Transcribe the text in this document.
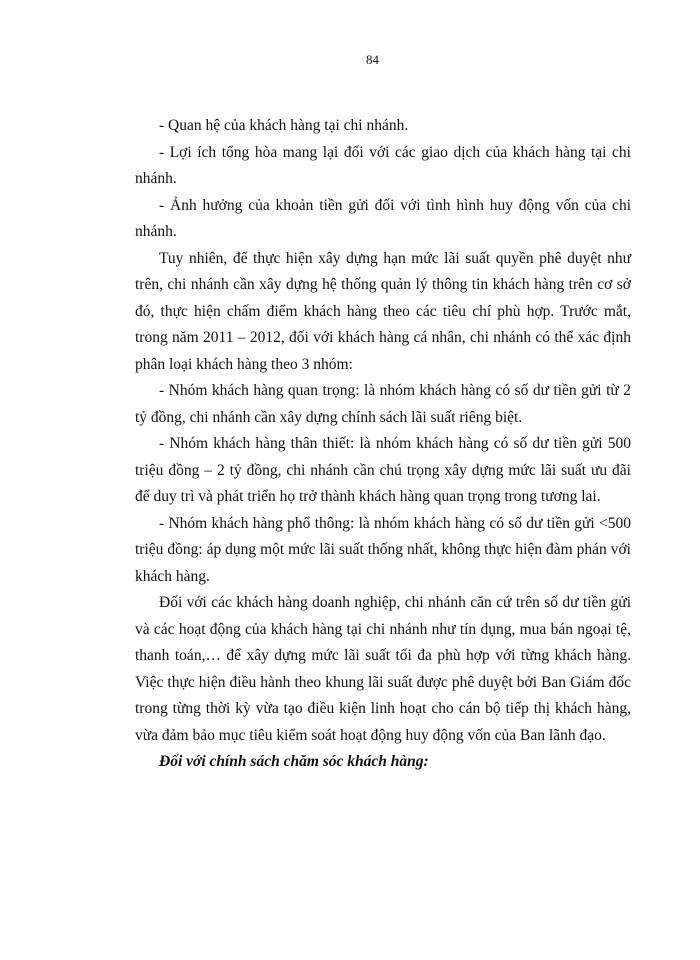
84

- Quan hệ của khách hàng tại chi nhánh.

- Lợi ích tổng hòa mang lại đối với các giao dịch của khách hàng tại chi nhánh.

- Ảnh hưởng của khoản tiền gửi đối với tình hình huy động vốn của chi nhánh.

Tuy nhiên, để thực hiện xây dựng hạn mức lãi suất quyền phê duyệt như trên, chi nhánh cần xây dựng hệ thống quản lý thông tin khách hàng trên cơ sở đó, thực hiện chấm điểm khách hàng theo các tiêu chí phù hợp. Trước mắt, trong năm 2011 – 2012, đối với khách hàng cá nhân, chi nhánh có thể xác định phân loại khách hàng theo 3 nhóm:

- Nhóm khách hàng quan trọng: là nhóm khách hàng có số dư tiền gửi từ 2 tỷ đồng, chi nhánh cần xây dựng chính sách lãi suất riêng biệt.

- Nhóm khách hàng thân thiết: là nhóm khách hàng có số dư tiền gửi 500 triệu đồng – 2 tỷ đồng, chi nhánh cần chú trọng xây dựng mức lãi suất ưu đãi để duy trì và phát triển họ trở thành khách hàng quan trọng trong tương lai.

- Nhóm khách hàng phổ thông: là nhóm khách hàng có số dư tiền gửi <500 triệu đồng: áp dụng một mức lãi suất thống nhất, không thực hiện đàm phán với khách hàng.

Đối với các khách hàng doanh nghiệp, chi nhánh căn cứ trên số dư tiền gửi và các hoạt động của khách hàng tại chi nhánh như tín dụng, mua bán ngoại tệ, thanh toán,… để xây dựng mức lãi suất tối đa phù hợp với từng khách hàng. Việc thực hiện điều hành theo khung lãi suất được phê duyệt bởi Ban Giám đốc trong từng thời kỳ vừa tạo điều kiện linh hoạt cho cán bộ tiếp thị khách hàng, vừa đảm bảo mục tiêu kiểm soát hoạt động huy động vốn của Ban lãnh đạo.

Đối với chính sách chăm sóc khách hàng:
